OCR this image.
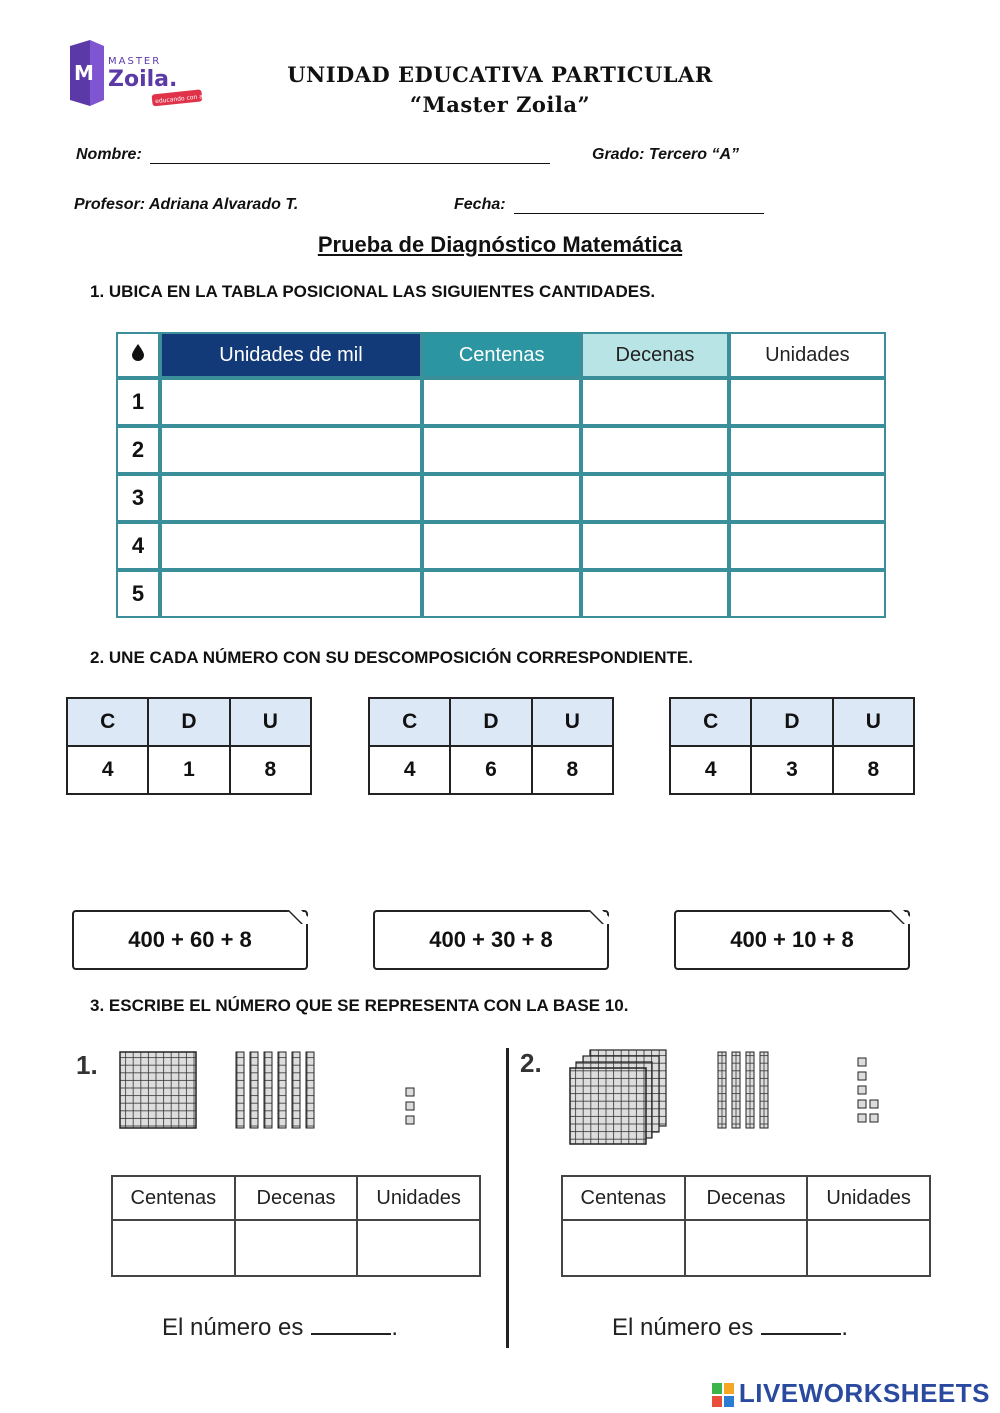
M MASTER
Zoila.
educando con amor
UNIDAD EDUCATIVA PARTICULAR
“Master Zoila”
Nombre:	Grado: Tercero “A”
Profesor: Adriana Alvarado T.	Fecha:
Prueba de Diagnóstico Matemática
1. UBICA EN LA TABLA POSICIONAL LAS SIGUIENTES CANTIDADES.
	Unidades de mil	Centenas	Decenas	Unidades
1				
2				
3				
4				
5				
2. UNE CADA NÚMERO CON SU DESCOMPOSICIÓN CORRESPONDIENTE.
C	D	U
4	1	8
C	D	U
4	6	8
C	D	U
4	3	8
400 + 60 + 8	400 + 30 + 8	400 + 10 + 8
3. ESCRIBE EL NÚMERO QUE SE REPRESENTA CON LA BASE 10.
1.
Centenas	Decenas	Unidades

El número es	.
2.
Centenas	Decenas	Unidades

El número es	.
LIVEWORKSHEETS
